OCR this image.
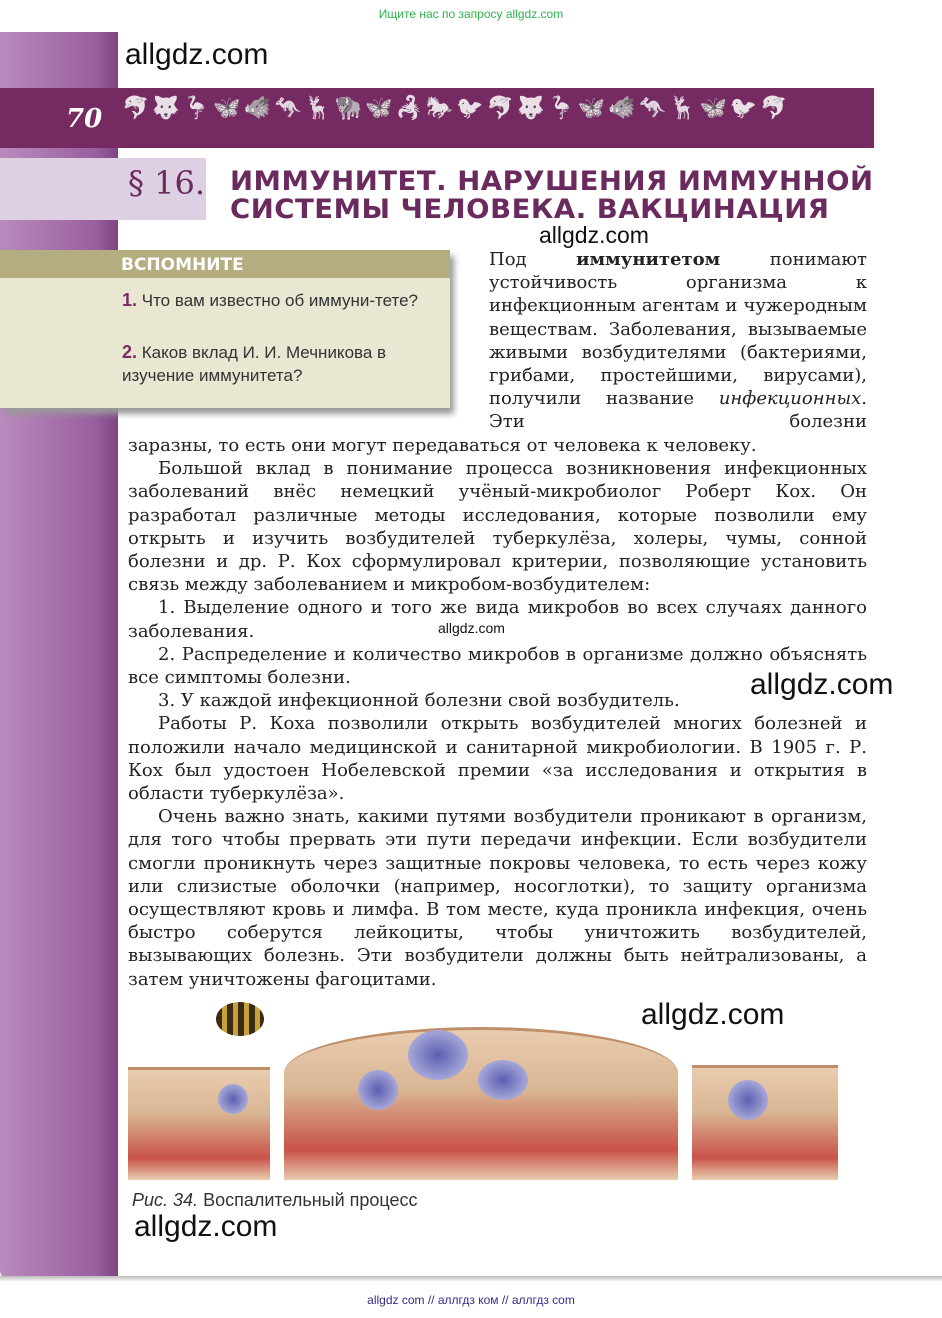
Ищите нас по запросу allgdz.com
allgdz.com
70 🐬🐺🦩🦋🐗🦘🦌🦬🦋🦂🐎🐦🐬🐺🦩🦋🐗🦘🦌🦋🐦🐬
§ 16. ИММУНИТЕТ. НАРУШЕНИЯ ИММУННОЙ
СИСТЕМЫ ЧЕЛОВЕКА. ВАКЦИНАЦИЯ
allgdz.com
ВСПОМНИТЕ
1. Что вам известно об иммуни-тете?
2. Каков вклад И. И. Мечникова в изучение иммунитета?
Под иммунитетом понимают устойчивость организма к инфекционным агентам и чужеродным веществам. Заболевания, вызываемые живыми возбудителями (бактериями, грибами, простейшими, вирусами), получили название инфекционных. Эти болезни

заразны, то есть они могут передаваться от человека к человеку.

Большой вклад в понимание процесса возникновения инфекционных заболеваний внёс немецкий учёный-микробиолог Роберт Кох. Он разработал различные методы исследования, которые позволили ему открыть и изучить возбудителей туберкулёза, холеры, чумы, сонной болезни и др. Р. Кох сформулировал критерии, позволяющие установить связь между заболеванием и микробом-возбудителем:

1. Выделение одного и того же вида микробов во всех случаях данного заболевания.

2. Распределение и количество микробов в организме должно объяснять все симптомы болезни.

3. У каждой инфекционной болезни свой возбудитель.

Работы Р. Коха позволили открыть возбудителей многих болезней и положили начало медицинской и санитарной микробиологии. В 1905 г. Р. Кох был удостоен Нобелевской премии «за исследования и открытия в области туберкулёза».

Очень важно знать, какими путями возбудители проникают в организм, для того чтобы прервать эти пути передачи инфекции. Если возбудители смогли проникнуть через защитные покровы человека, то есть через кожу или слизистые оболочки (например, носоглотки), то защиту организма осуществляют кровь и лимфа. В том месте, куда проникла инфекция, очень быстро соберутся лейкоциты, чтобы уничтожить возбудителей, вызывающих болезнь. Эти возбудители должны быть нейтрализованы, а затем уничтожены фагоцитами.

allgdz.com
allgdz.com
allgdz.com
Рис. 34. Воспалительный процесс
allgdz.com
allgdz com // аллгдз ком // аллгдз com
